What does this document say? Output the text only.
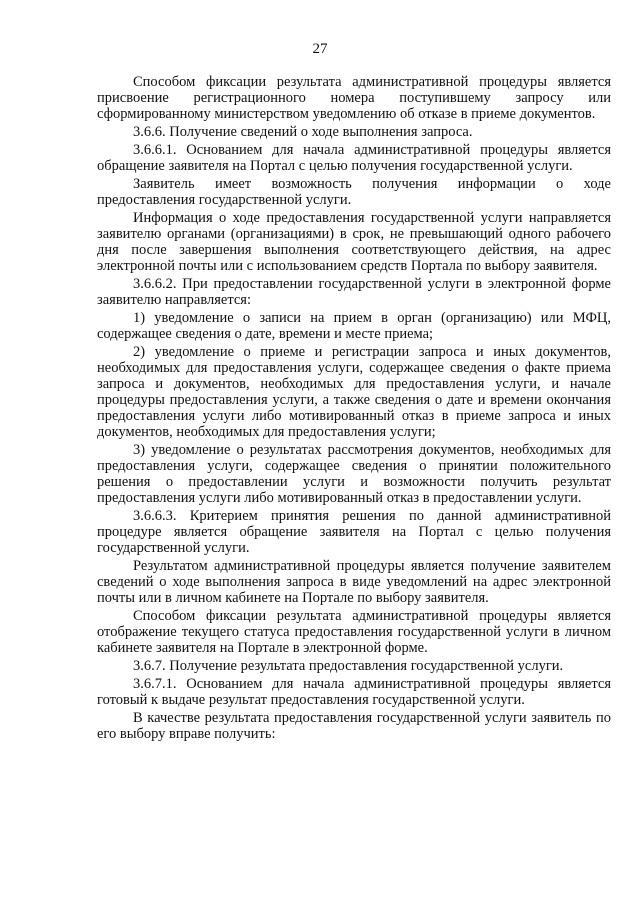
27

Способом фиксации результата административной процедуры является присвоение регистрационного номера поступившему запросу или сформированному министерством уведомлению об отказе в приеме документов.

3.6.6. Получение сведений о ходе выполнения запроса.

3.6.6.1. Основанием для начала административной процедуры является обращение заявителя на Портал с целью получения государственной услуги.

Заявитель имеет возможность получения информации о ходе предоставления государственной услуги.

Информация о ходе предоставления государственной услуги направляется заявителю органами (организациями) в срок, не превышающий одного рабочего дня после завершения выполнения соответствующего действия, на адрес электронной почты или с использованием средств Портала по выбору заявителя.

3.6.6.2. При предоставлении государственной услуги в электронной форме заявителю направляется:

1) уведомление о записи на прием в орган (организацию) или МФЦ, содержащее сведения о дате, времени и месте приема;

2) уведомление о приеме и регистрации запроса и иных документов, необходимых для предоставления услуги, содержащее сведения о факте приема запроса и документов, необходимых для предоставления услуги, и начале процедуры предоставления услуги, а также сведения о дате и времени окончания предоставления услуги либо мотивированный отказ в приеме запроса и иных документов, необходимых для предоставления услуги;

3) уведомление о результатах рассмотрения документов, необходимых для предоставления услуги, содержащее сведения о принятии положительного решения о предоставлении услуги и возможности получить результат предоставления услуги либо мотивированный отказ в предоставлении услуги.

3.6.6.3. Критерием принятия решения по данной административной процедуре является обращение заявителя на Портал с целью получения государственной услуги.

Результатом административной процедуры является получение заявителем сведений о ходе выполнения запроса в виде уведомлений на адрес электронной почты или в личном кабинете на Портале по выбору заявителя.

Способом фиксации результата административной процедуры является отображение текущего статуса предоставления государственной услуги в личном кабинете заявителя на Портале в электронной форме.

3.6.7. Получение результата предоставления государственной услуги.

3.6.7.1. Основанием для начала административной процедуры является готовый к выдаче результат предоставления государственной услуги.

В качестве результата предоставления государственной услуги заявитель по его выбору вправе получить:
